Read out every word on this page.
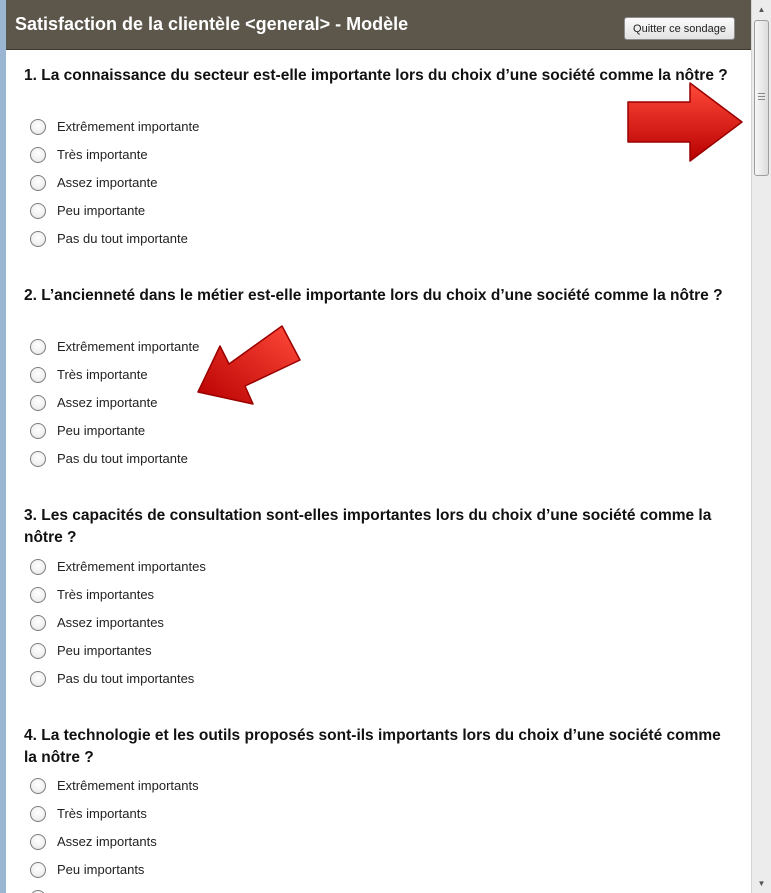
Satisfaction de la clientèle <general> - Modèle	Quitter ce sondage
1. La connaissance du secteur est-elle importante lors du choix d’une société comme la nôtre ?
Extrêmement importante
Très importante
Assez importante
Peu importante
Pas du tout importante
2. L’ancienneté dans le métier est-elle importante lors du choix d’une société comme la nôtre ?
Extrêmement importante
Très importante
Assez importante
Peu importante
Pas du tout importante
3. Les capacités de consultation sont-elles importantes lors du choix d’une société comme la nôtre ?
Extrêmement importantes
Très importantes
Assez importantes
Peu importantes
Pas du tout importantes
4. La technologie et les outils proposés sont-ils importants lors du choix d’une société comme la nôtre ?
Extrêmement importants
Très importants
Assez importants
Peu importants
▲
▼
